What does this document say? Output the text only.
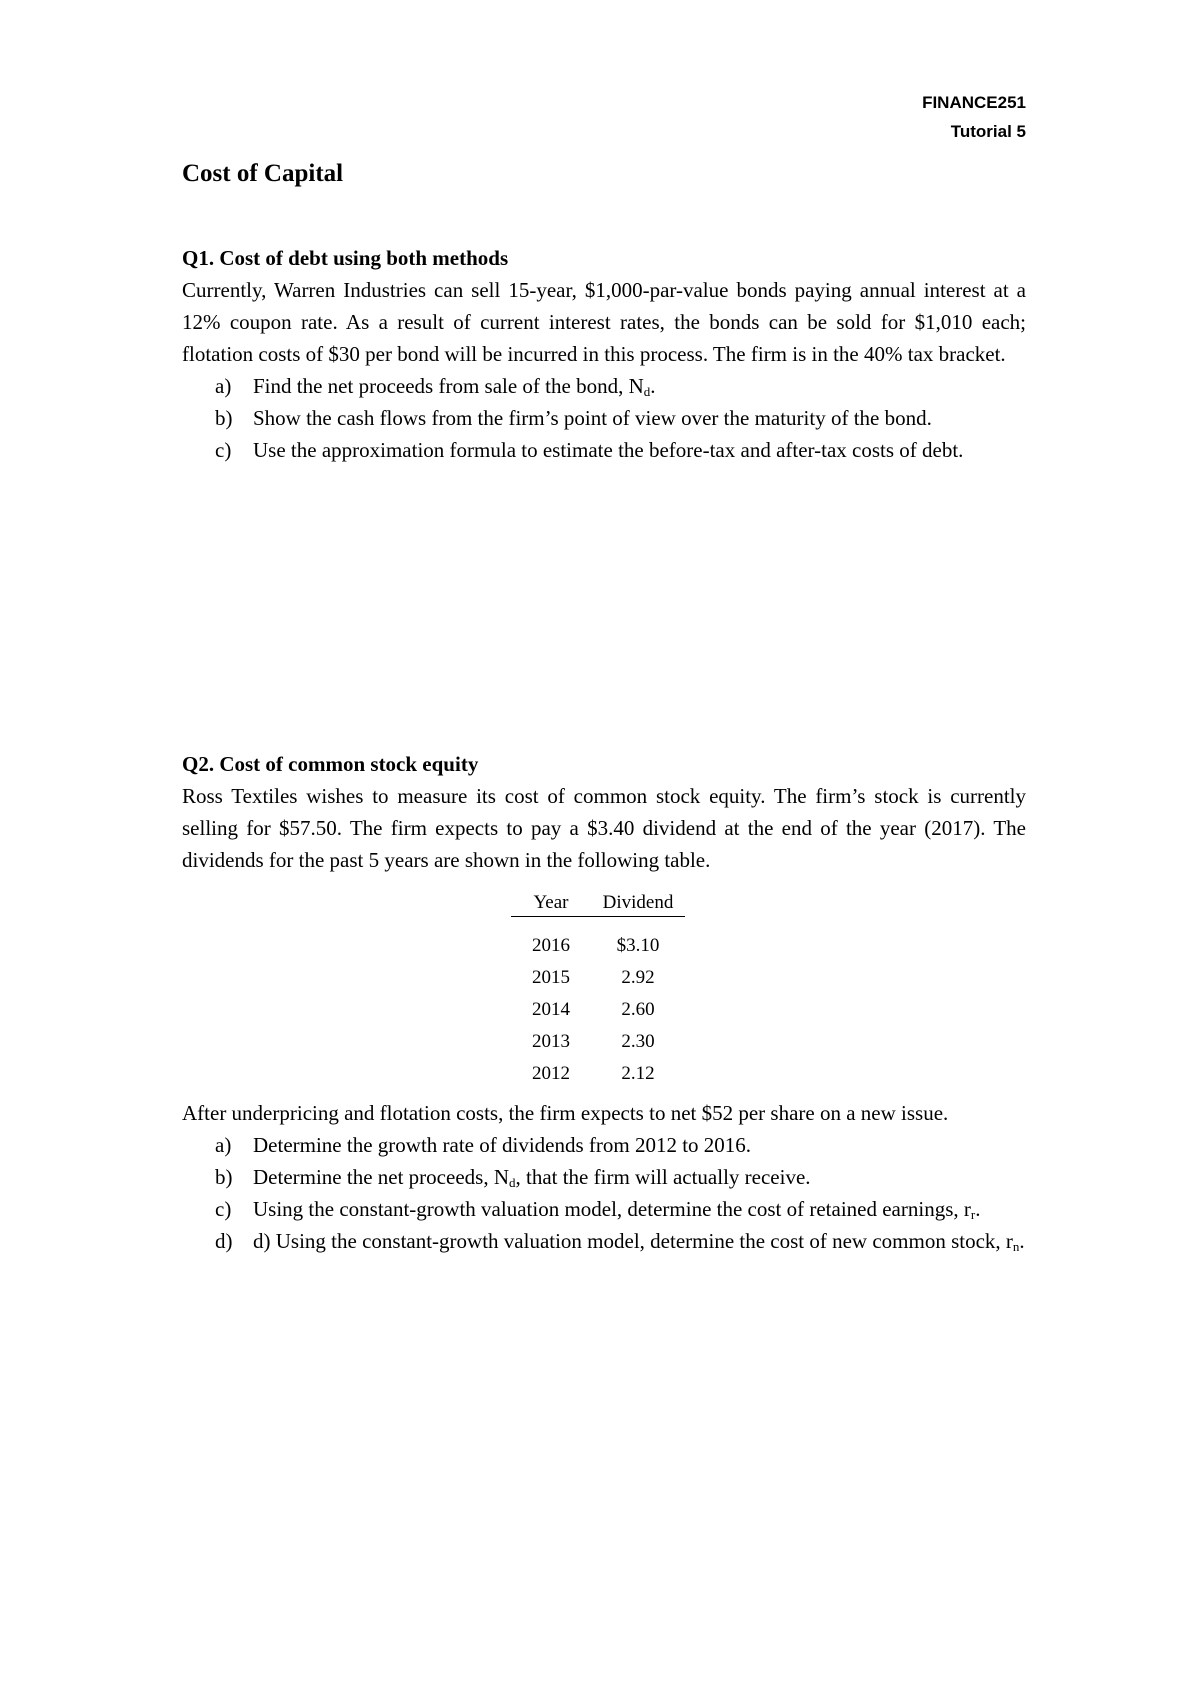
FINANCE251
Tutorial 5
Cost of Capital

Q1. Cost of debt using both methods

Currently, Warren Industries can sell 15-year, $1,000-par-value bonds paying annual interest at a 12% coupon rate. As a result of current interest rates, the bonds can be sold for $1,010 each; flotation costs of $30 per bond will be incurred in this process. The firm is in the 40% tax bracket.

a) Find the net proceeds from sale of the bond, $N_d$.
b) Show the cash flows from the firm’s point of view over the maturity of the bond.
c) Use the approximation formula to estimate the before-tax and after-tax costs of debt.

Q2. Cost of common stock equity

Ross Textiles wishes to measure its cost of common stock equity. The firm’s stock is currently selling for $57.50. The firm expects to pay a $3.40 dividend at the end of the year (2017). The dividends for the past 5 years are shown in the following table.

Year	Dividend
2016	$3.10
2015	2.92
2014	2.60
2013	2.30
2012	2.12

After underpricing and flotation costs, the firm expects to net $52 per share on a new issue.

a) Determine the growth rate of dividends from 2012 to 2016.
b) Determine the net proceeds, $N_d$, that the firm will actually receive.
c) Using the constant-growth valuation model, determine the cost of retained earnings, $r_r$.
d) d) Using the constant-growth valuation model, determine the cost of new common stock, $r_n$.
